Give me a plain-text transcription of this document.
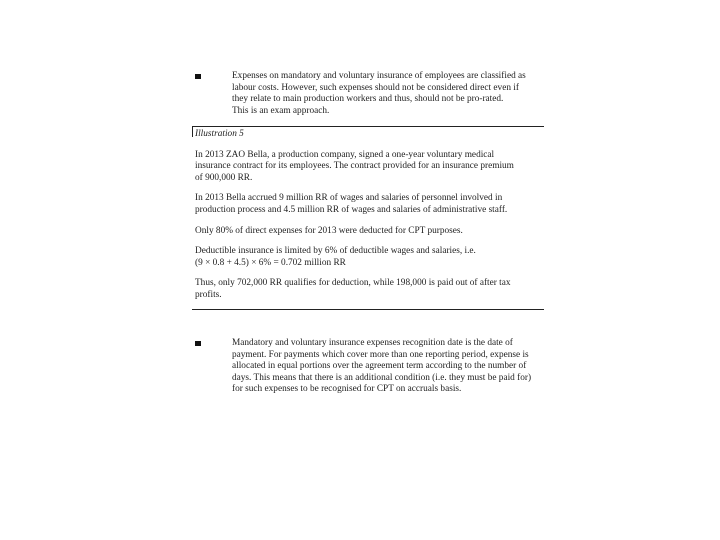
Expenses on mandatory and voluntary insurance of employees are classified as
labour costs. However, such expenses should not be considered direct even if
they relate to main production workers and thus, should not be pro-rated.
This is an exam approach.

Illustration 5

In 2013 ZAO Bella, a production company, signed a one-year voluntary medical
insurance contract for its employees. The contract provided for an insurance premium
of 900,000 RR.

In 2013 Bella accrued 9 million RR of wages and salaries of personnel involved in
production process and 4.5 million RR of wages and salaries of administrative staff.

Only 80% of direct expenses for 2013 were deducted for CPT purposes.

Deductible insurance is limited by 6% of deductible wages and salaries, i.e.
(9 × 0.8 + 4.5) × 6% = 0.702 million RR

Thus, only 702,000 RR qualifies for deduction, while 198,000 is paid out of after tax
profits.

Mandatory and voluntary insurance expenses recognition date is the date of
payment. For payments which cover more than one reporting period, expense is
allocated in equal portions over the agreement term according to the number of
days. This means that there is an additional condition (i.e. they must be paid for)
for such expenses to be recognised for CPT on accruals basis.
